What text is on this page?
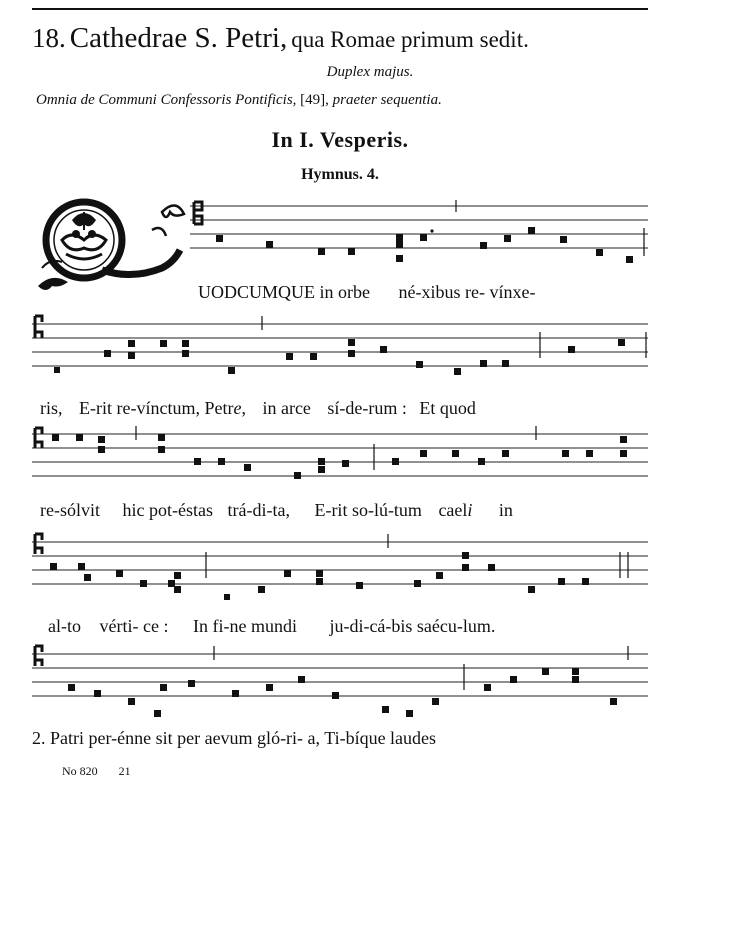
18. Cathedrae S. Petri, qua Romae primum sedit.
Duplex majus.
Omnia de Communi Confessoris Pontificis, [49], praeter sequentia.
In I. Vesperis.
Hymnus. 4.
UODCUMQUE in orbe né-xibus re- vínxe-
ris, E-rit re-vínctum, Petre, in arce sí-de-rum : Et quod
re-sólvit hic pot-éstas trá-di-ta, E-rit so-lú-tum caeli in
al-to vérti- ce : In fi-ne mundi ju-di-cá-bis saécu-lum.
2. Patri per-énne sit per aevum gló-ri- a, Ti-bíque laudes
No 820 21
